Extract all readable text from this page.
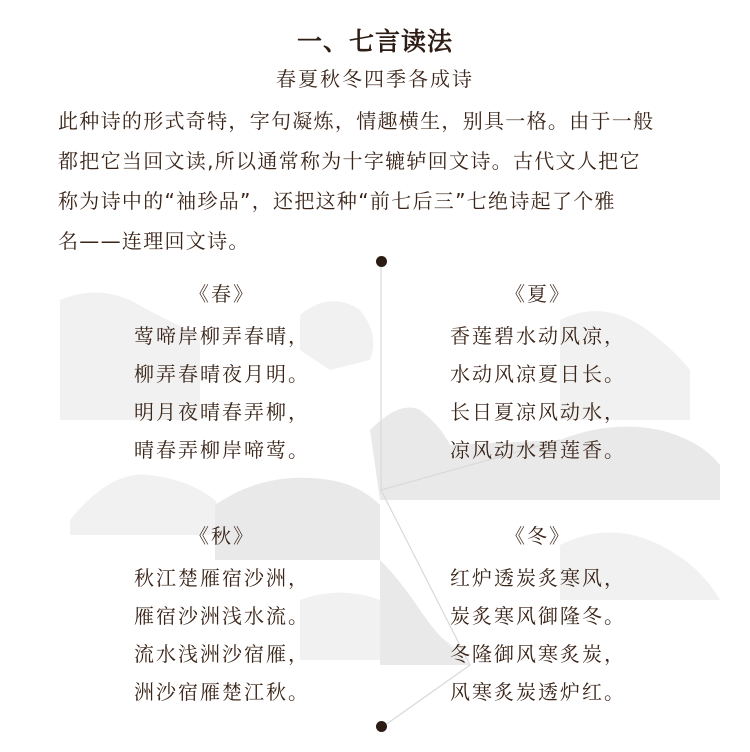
一、七言读法
春夏秋冬四季各成诗

此种诗的形式奇特，字句凝炼，情趣横生，别具一格。由于一般

都把它当回文读,所以通常称为十字辘轳回文诗。古代文人把它

称为诗中的“袖珍品”，还把这种“前七后三”七绝诗起了个雅

名——连理回文诗。

《春》
莺啼岸柳弄春晴，
柳弄春晴夜月明。
明月夜晴春弄柳，
晴春弄柳岸啼莺。
《夏》
香莲碧水动风凉，
水动风凉夏日长。
长日夏凉风动水，
凉风动水碧莲香。
《秋》
秋江楚雁宿沙洲，
雁宿沙洲浅水流。
流水浅洲沙宿雁，
洲沙宿雁楚江秋。
《冬》
红炉透炭炙寒风，
炭炙寒风御隆冬。
冬隆御风寒炙炭，
风寒炙炭透炉红。
